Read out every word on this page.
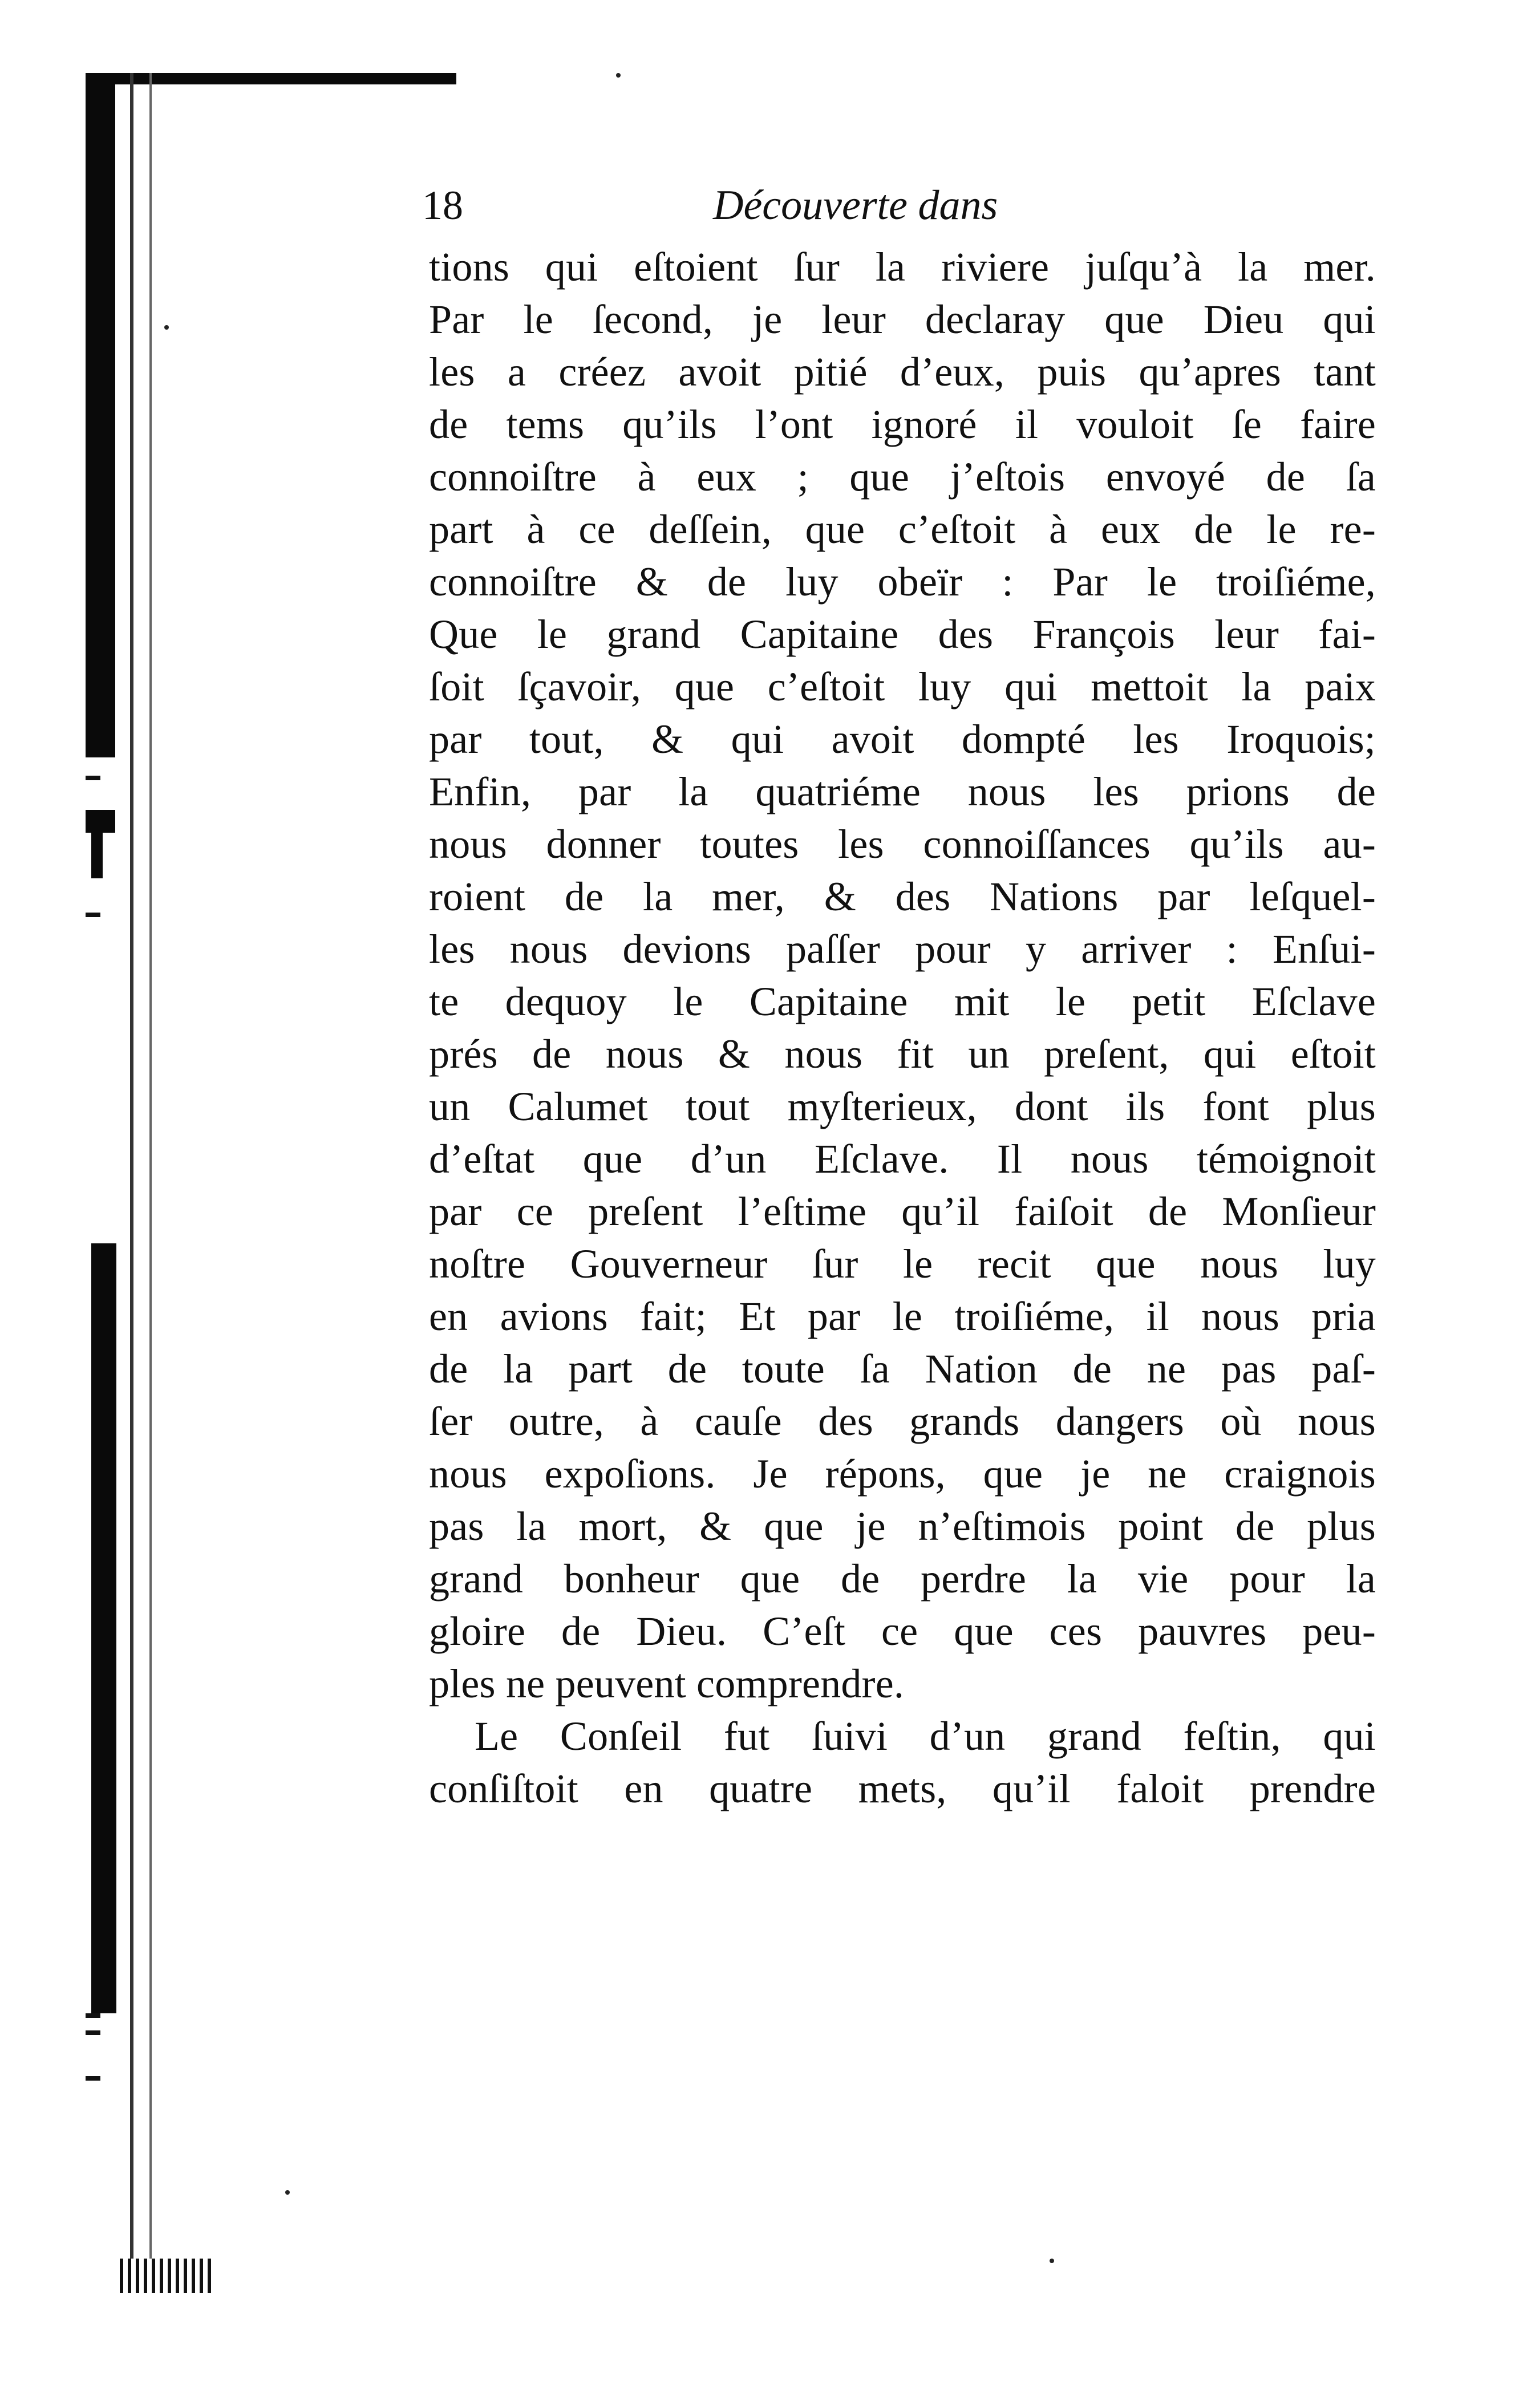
18	Découverte dans
tions qui eſtoient ſur la riviere juſqu’à la mer.
Par le ſecond, je leur declaray que Dieu qui
les a créez avoit pitié d’eux, puis qu’apres tant
de tems qu’ils l’ont ignoré il vouloit ſe faire
connoiſtre à eux ; que j’eſtois envoyé de ſa
part à ce deſſein, que c’eſtoit à eux de le re-
connoiſtre & de luy obeïr : Par le troiſiéme,
Que le grand Capitaine des François leur fai-
ſoit ſçavoir, que c’eſtoit luy qui mettoit la paix
par tout, & qui avoit dompté les Iroquois;
Enfin, par la quatriéme nous les prions de
nous donner toutes les connoiſſances qu’ils au-
roient de la mer, & des Nations par leſquel-
les nous devions paſſer pour y arriver : Enſui-
te dequoy le Capitaine mit le petit Eſclave
prés de nous & nous fit un preſent, qui eſtoit
un Calumet tout myſterieux, dont ils font plus
d’eſtat que d’un Eſclave. Il nous témoignoit
par ce preſent l’eſtime qu’il faiſoit de Monſieur
noſtre Gouverneur ſur le recit que nous luy
en avions fait; Et par le troiſiéme, il nous pria
de la part de toute ſa Nation de ne pas paſ-
ſer outre, à cauſe des grands dangers où nous
nous expoſions. Je répons, que je ne craignois
pas la mort, & que je n’eſtimois point de plus
grand bonheur que de perdre la vie pour la
gloire de Dieu. C’eſt ce que ces pauvres peu-
ples ne peuvent comprendre.
Le Conſeil fut ſuivi d’un grand feſtin, qui
conſiſtoit en quatre mets, qu’il faloit prendre
